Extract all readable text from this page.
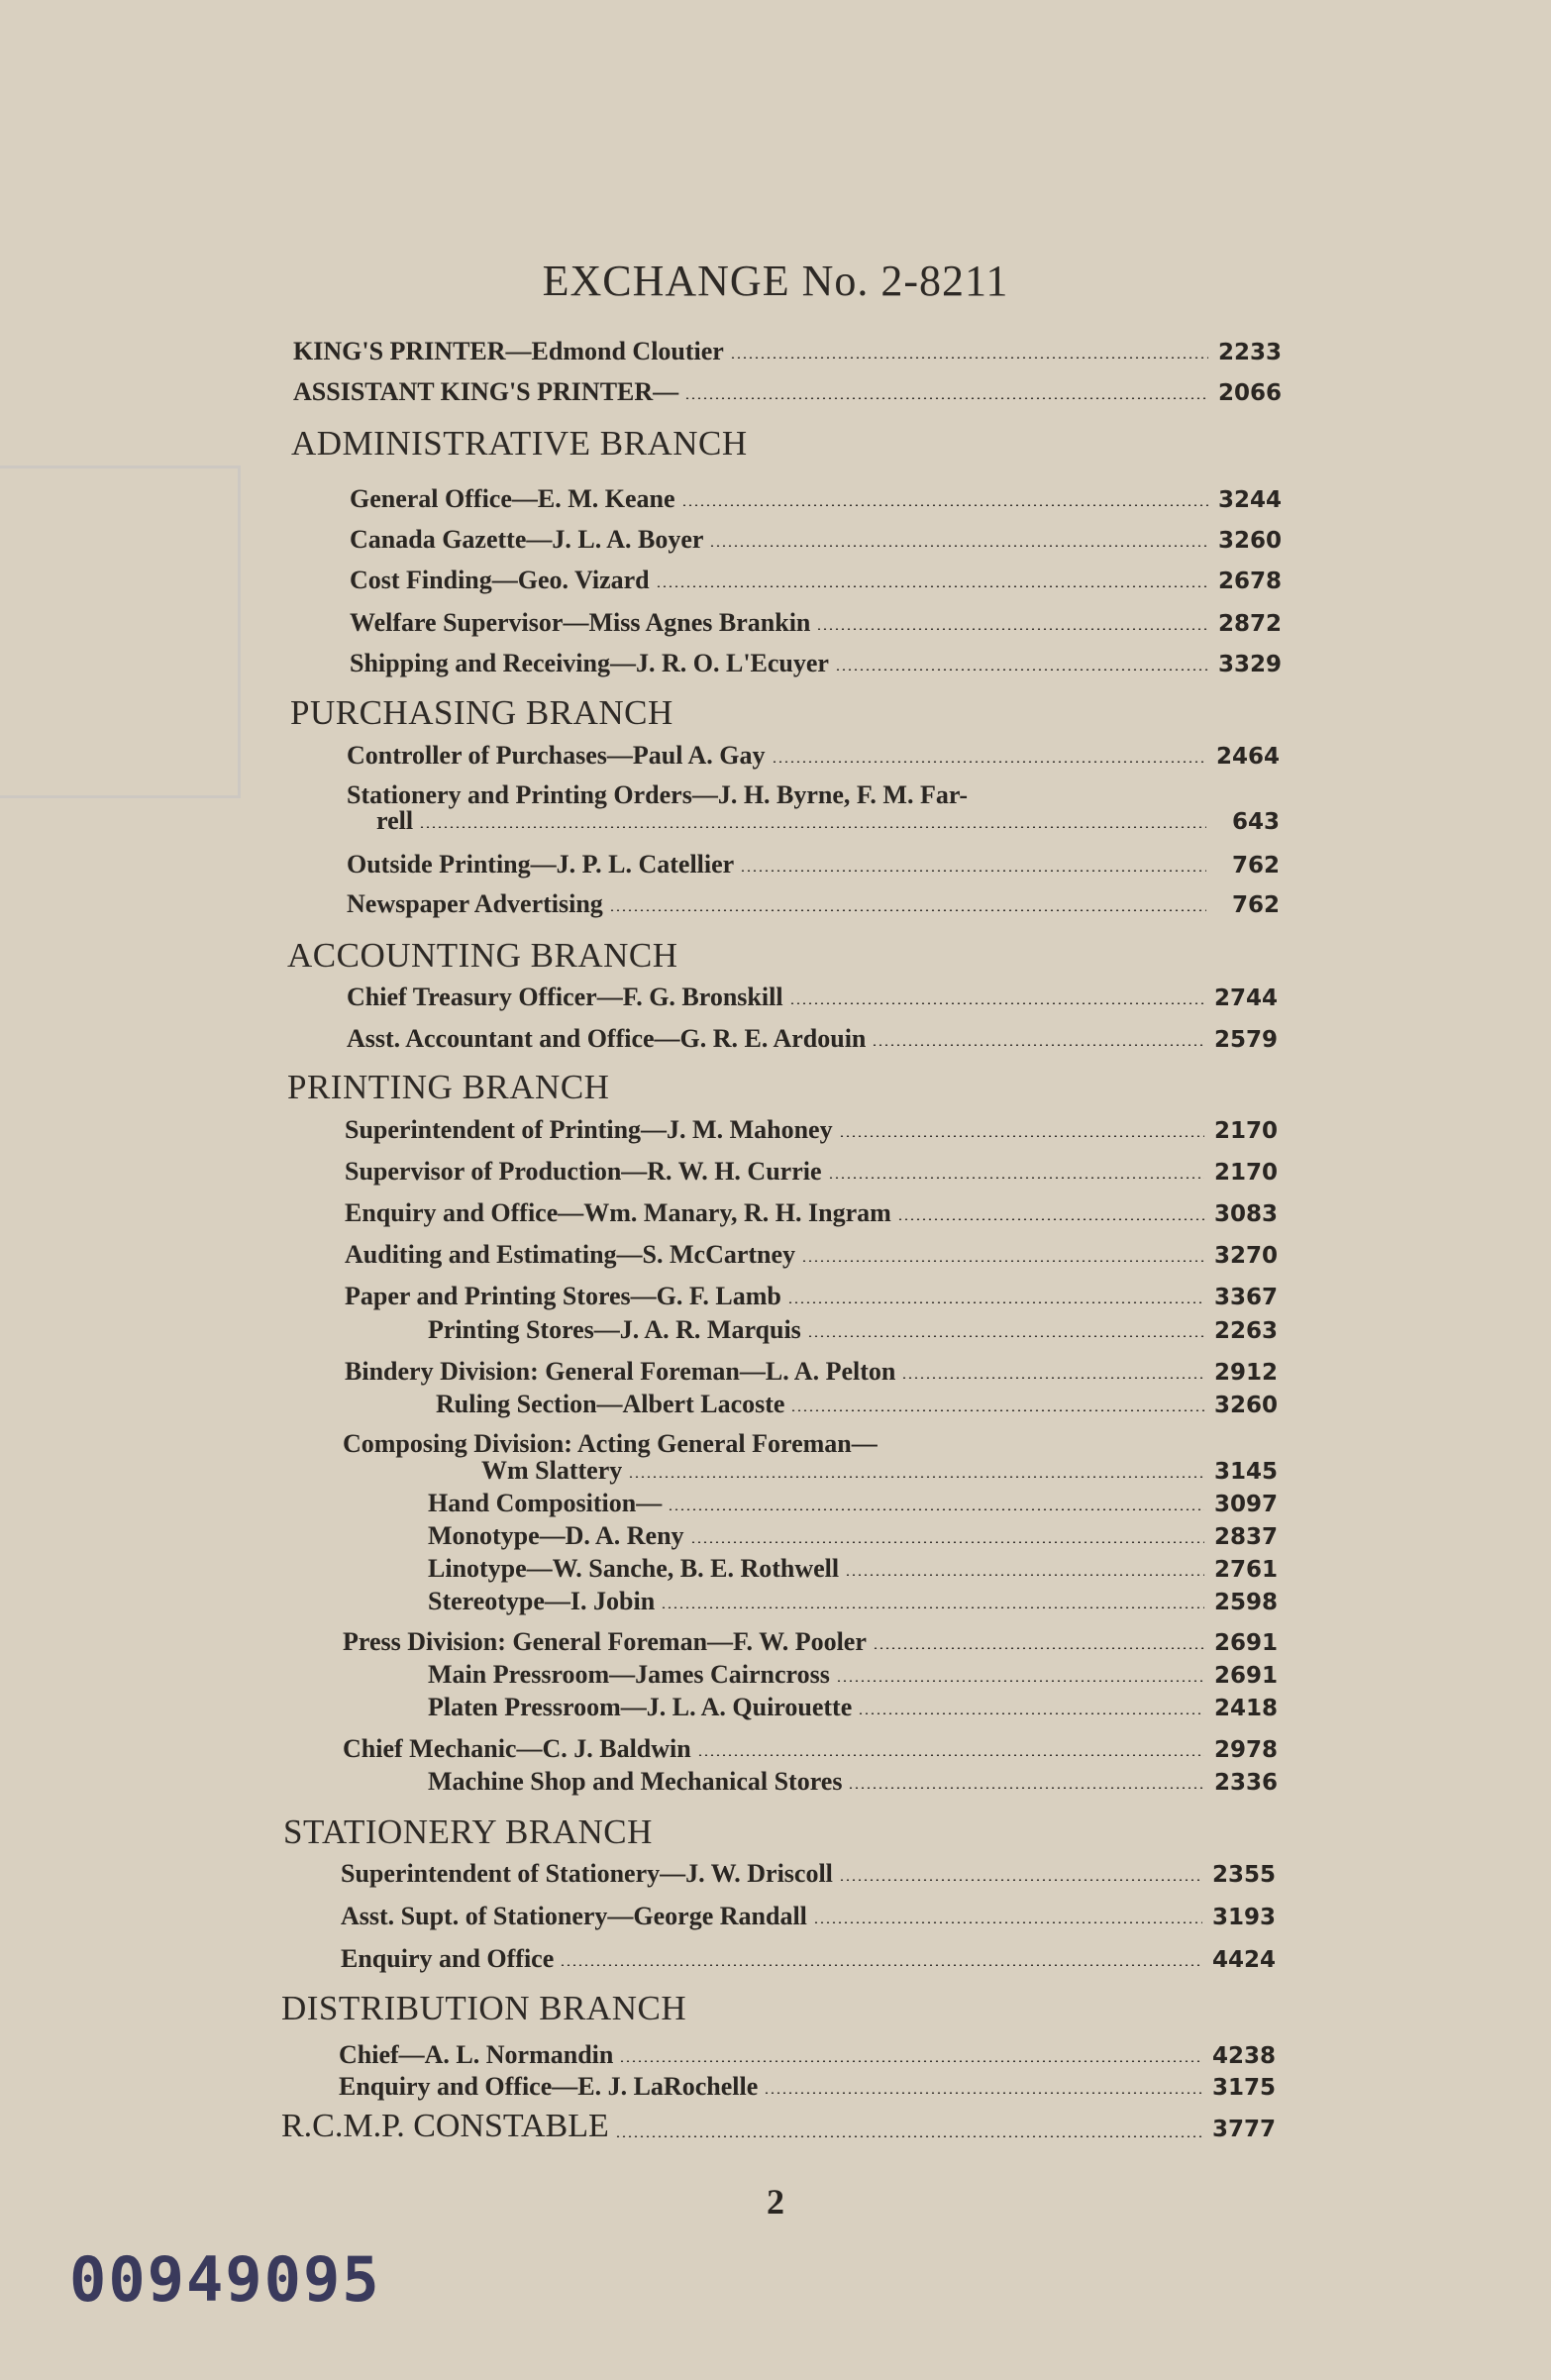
EXCHANGE No. 2-8211
KING'S PRINTER—Edmond Cloutier	2233
ASSISTANT KING'S PRINTER—	2066
ADMINISTRATIVE BRANCH
General Office—E. M. Keane	3244
Canada Gazette—J. L. A. Boyer	3260
Cost Finding—Geo. Vizard	2678
Welfare Supervisor—Miss Agnes Brankin	2872
Shipping and Receiving—J. R. O. L'Ecuyer	3329
PURCHASING BRANCH
Controller of Purchases—Paul A. Gay	2464
Stationery and Printing Orders—J. H. Byrne, F. M. Far-
rell	643
Outside Printing—J. P. L. Catellier	762
Newspaper Advertising	762
ACCOUNTING BRANCH
Chief Treasury Officer—F. G. Bronskill	2744
Asst. Accountant and Office—G. R. E. Ardouin	2579
PRINTING BRANCH
Superintendent of Printing—J. M. Mahoney	2170
Supervisor of Production—R. W. H. Currie	2170
Enquiry and Office—Wm. Manary, R. H. Ingram	3083
Auditing and Estimating—S. McCartney	3270
Paper and Printing Stores—G. F. Lamb	3367
Printing Stores—J. A. R. Marquis	2263
Bindery Division: General Foreman—L. A. Pelton	2912
Ruling Section—Albert Lacoste	3260
Composing Division: Acting General Foreman—
Wm Slattery	3145
Hand Composition—	3097
Monotype—D. A. Reny	2837
Linotype—W. Sanche, B. E. Rothwell	2761
Stereotype—I. Jobin	2598
Press Division: General Foreman—F. W. Pooler	2691
Main Pressroom—James Cairncross	2691
Platen Pressroom—J. L. A. Quirouette	2418
Chief Mechanic—C. J. Baldwin	2978
Machine Shop and Mechanical Stores	2336
STATIONERY BRANCH
Superintendent of Stationery—J. W. Driscoll	2355
Asst. Supt. of Stationery—George Randall	3193
Enquiry and Office	4424
DISTRIBUTION BRANCH
Chief—A. L. Normandin	4238
Enquiry and Office—E. J. LaRochelle	3175
R.C.M.P. CONSTABLE	3777
2
00949095
